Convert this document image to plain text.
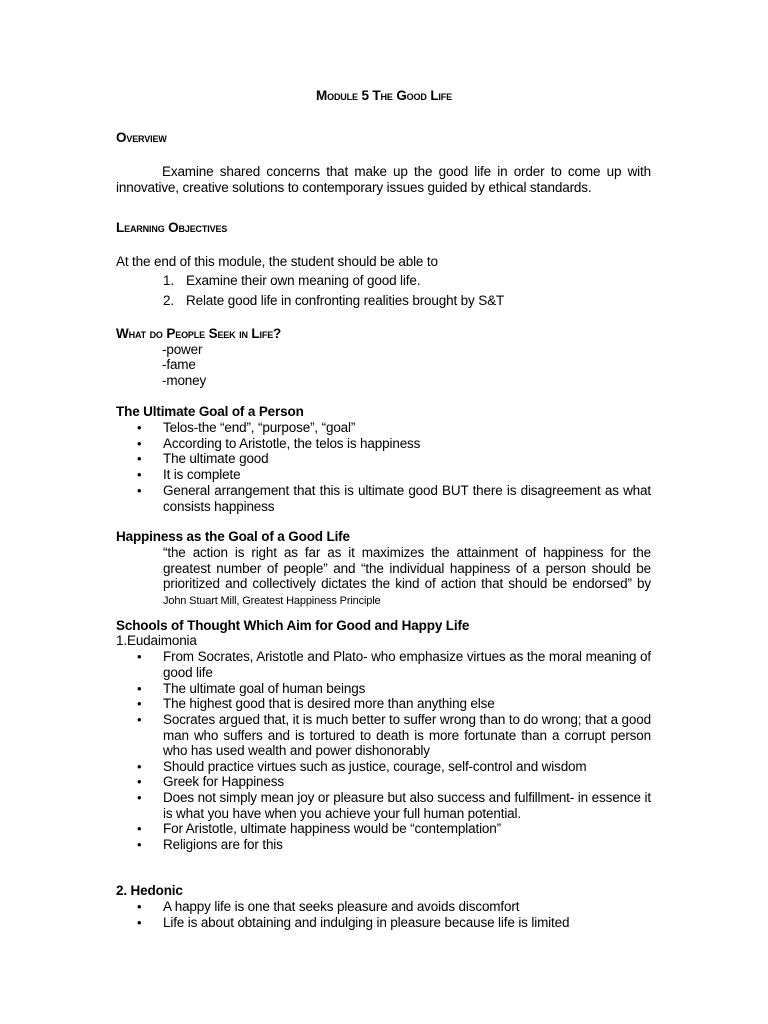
Module 5 The Good Life
Overview
Examine shared concerns that make up the good life in order to come up with innovative, creative solutions to contemporary issues guided by ethical standards.
Learning Objectives
At the end of this module, the student should be able to
1. Examine their own meaning of good life.
2. Relate good life in confronting realities brought by S&T
What do People Seek in Life?
-power
-fame
-money
The Ultimate Goal of a Person
• Telos-the “end”, “purpose”, “goal”
• According to Aristotle, the telos is happiness
• The ultimate good
• It is complete
• General arrangement that this is ultimate good BUT there is disagreement as what consists happiness
Happiness as the Goal of a Good Life
“the action is right as far as it maximizes the attainment of happiness for the greatest number of people” and “the individual happiness of a person should be prioritized and collectively dictates the kind of action that should be endorsed” by John Stuart Mill, Greatest Happiness Principle
Schools of Thought Which Aim for Good and Happy Life
1.Eudaimonia
• From Socrates, Aristotle and Plato- who emphasize virtues as the moral meaning of good life
• The ultimate goal of human beings
• The highest good that is desired more than anything else
• Socrates argued that, it is much better to suffer wrong than to do wrong; that a good man who suffers and is tortured to death is more fortunate than a corrupt person who has used wealth and power dishonorably
• Should practice virtues such as justice, courage, self-control and wisdom
• Greek for Happiness
• Does not simply mean joy or pleasure but also success and fulfillment- in essence it is what you have when you achieve your full human potential.
• For Aristotle, ultimate happiness would be “contemplation”
• Religions are for this
2. Hedonic
• A happy life is one that seeks pleasure and avoids discomfort
• Life is about obtaining and indulging in pleasure because life is limited
